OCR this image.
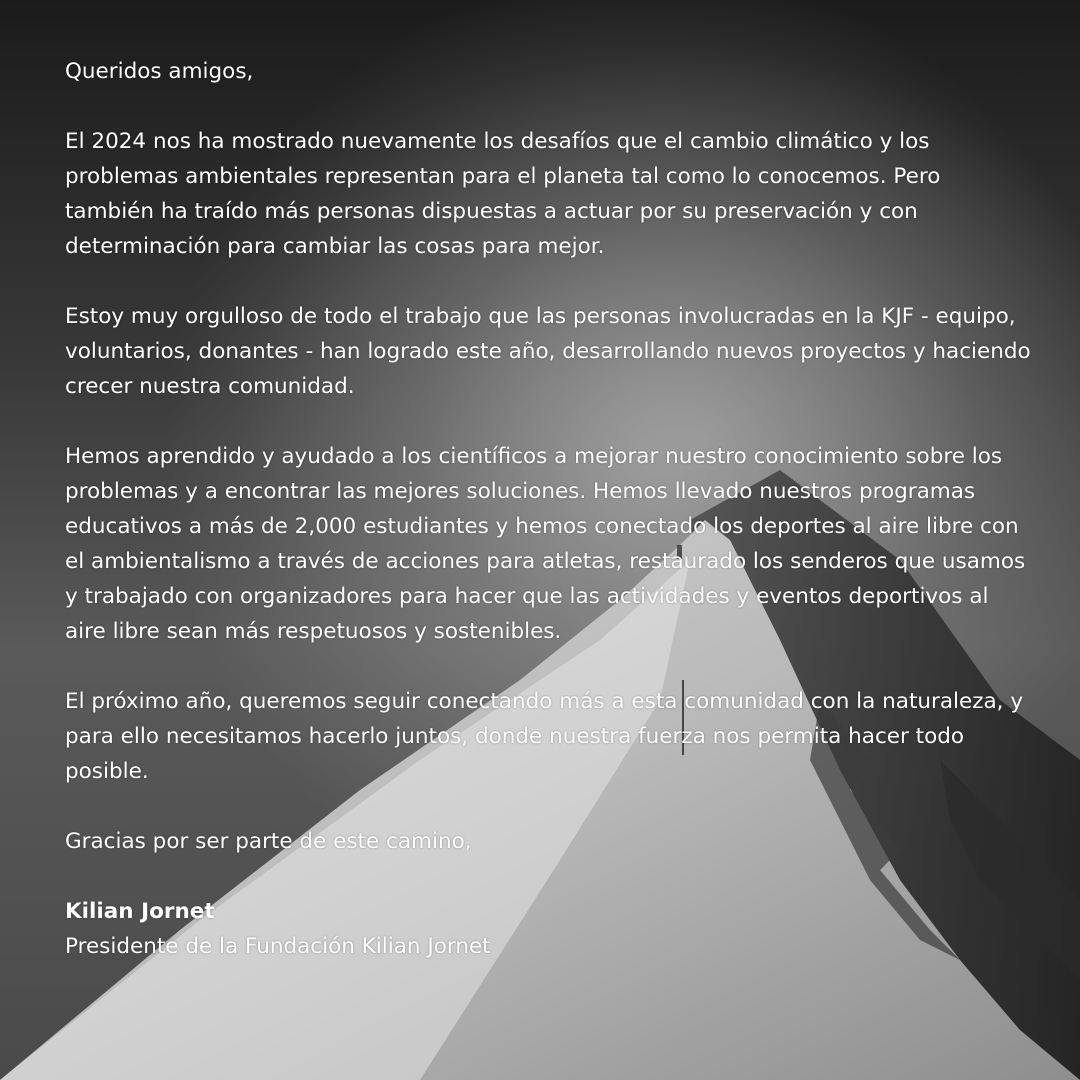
Queridos amigos,

El 2024 nos ha mostrado nuevamente los desafíos que el cambio climático y los problemas ambientales representan para el planeta tal como lo conocemos. Pero también ha traído más personas dispuestas a actuar por su preservación y con determinación para cambiar las cosas para mejor.

Estoy muy orgulloso de todo el trabajo que las personas involucradas en la KJF - equipo, voluntarios, donantes - han logrado este año, desarrollando nuevos proyectos y haciendo crecer nuestra comunidad.

Hemos aprendido y ayudado a los científicos a mejorar nuestro conocimiento sobre los problemas y a encontrar las mejores soluciones. Hemos llevado nuestros programas educativos a más de 2,000 estudiantes y hemos conectado los deportes al aire libre con el ambientalismo a través de acciones para atletas, restaurado los senderos que usamos y trabajado con organizadores para hacer que las actividades y eventos deportivos al aire libre sean más respetuosos y sostenibles.

El próximo año, queremos seguir conectando más a esta comunidad con la naturaleza, y para ello necesitamos hacerlo juntos, donde nuestra fuerza nos permita hacer todo posible.

Gracias por ser parte de este camino,

Kilian Jornet

Presidente de la Fundación Kilian Jornet
